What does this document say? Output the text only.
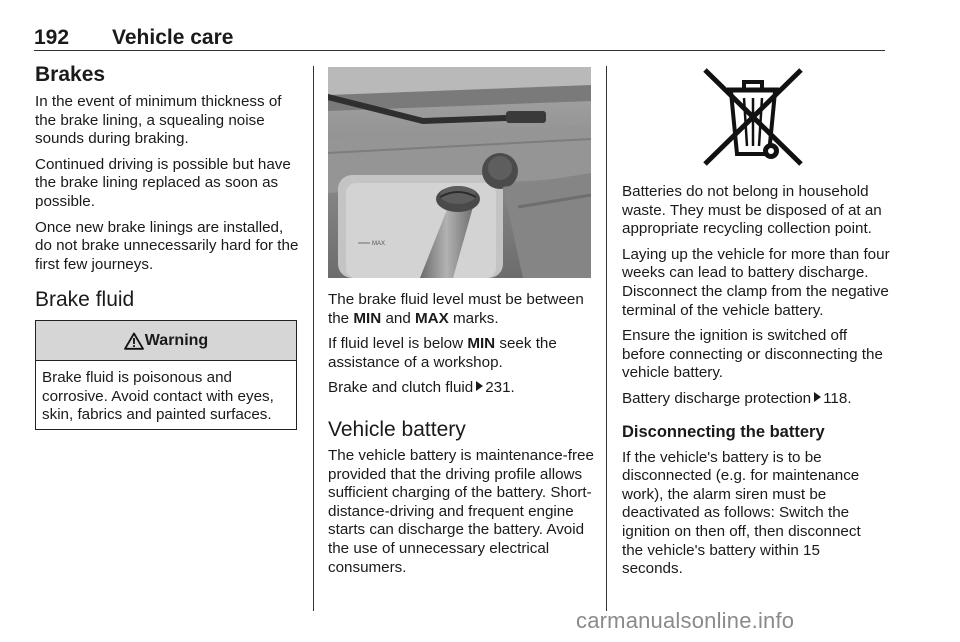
192 Vehicle care
Brakes

In the event of minimum thickness of the brake lining, a squealing noise sounds during braking.

Continued driving is possible but have the brake lining replaced as soon as possible.

Once new brake linings are installed, do not brake unnecessarily hard for the first few journeys.

Brake fluid
Warning
Brake fluid is poisonous and corrosive. Avoid contact with eyes, skin, fabrics and painted surfaces.
MAX

The brake fluid level must be between the MIN and MAX marks.

If fluid level is below MIN seek the assistance of a workshop.

Brake and clutch fluid 231.

Vehicle battery

The vehicle battery is maintenance-free provided that the driving profile allows sufficient charging of the battery. Short-distance-driving and frequent engine starts can discharge the battery. Avoid the use of unnecessary electrical consumers.

Batteries do not belong in household waste. They must be disposed of at an appropriate recycling collection point.

Laying up the vehicle for more than four weeks can lead to battery discharge. Disconnect the clamp from the negative terminal of the vehicle battery.

Ensure the ignition is switched off before connecting or disconnecting the vehicle battery.

Battery discharge protection 118.

Disconnecting the battery

If the vehicle's battery is to be disconnected (e.g. for maintenance work), the alarm siren must be deactivated as follows: Switch the ignition on then off, then disconnect the vehicle's battery within 15 seconds.

carmanualsonline.info
